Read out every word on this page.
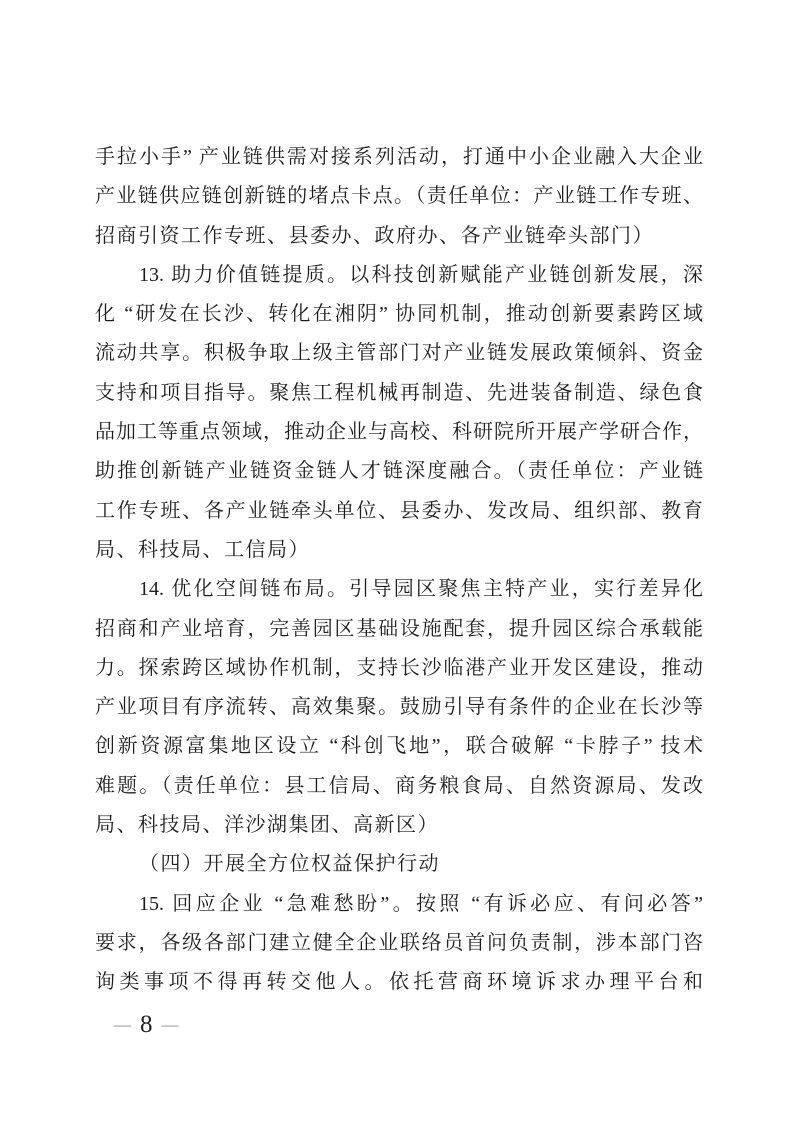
手拉小手” 产业链供需对接系列活动，打通中小企业融入大企业
产业链供应链创新链的堵点卡点。（责任单位：产业链工作专班、
招商引资工作专班、县委办、政府办、各产业链牵头部门）

13. 助力价值链提质。以科技创新赋能产业链创新发展，深
化 “研发在长沙、转化在湘阴” 协同机制，推动创新要素跨区域
流动共享。积极争取上级主管部门对产业链发展政策倾斜、资金
支持和项目指导。聚焦工程机械再制造、先进装备制造、绿色食
品加工等重点领域，推动企业与高校、科研院所开展产学研合作，
助推创新链产业链资金链人才链深度融合。（责任单位：产业链
工作专班、各产业链牵头单位、县委办、发改局、组织部、教育
局、科技局、工信局）

14. 优化空间链布局。引导园区聚焦主特产业，实行差异化
招商和产业培育，完善园区基础设施配套，提升园区综合承载能
力。探索跨区域协作机制，支持长沙临港产业开发区建设，推动
产业项目有序流转、高效集聚。鼓励引导有条件的企业在长沙等
创新资源富集地区设立 “科创飞地”，联合破解 “卡脖子” 技术
难题。（责任单位：县工信局、商务粮食局、自然资源局、发改
局、科技局、洋沙湖集团、高新区）

（四）开展全方位权益保护行动

15. 回应企业 “急难愁盼”。按照 “有诉必应、有问必答”
要求，各级各部门建立健全企业联络员首问负责制，涉本部门咨
询类事项不得再转交他人。依托营商环境诉求办理平台和

— 8 —
